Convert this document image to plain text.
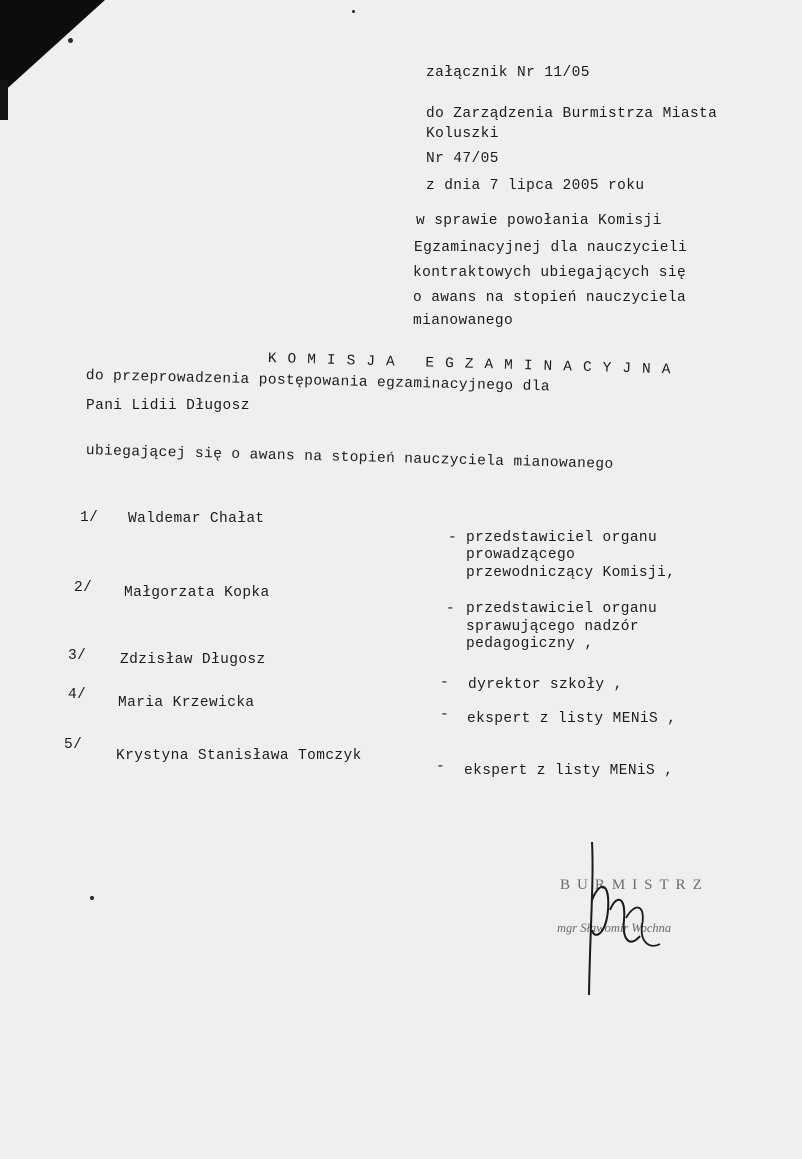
załącznik Nr 11/05
do Zarządzenia Burmistrza Miasta
Koluszki
Nr 47/05
z dnia 7 lipca 2005 roku
w sprawie powołania Komisji
Egzaminacyjnej dla nauczycieli
kontraktowych ubiegających się
o awans na stopień nauczyciela
mianowanego
KOMISJA EGZAMINACYJNA
do przeprowadzenia postępowania egzaminacyjnego dla
Pani Lidii Długosz
ubiegającej się o awans na stopień nauczyciela mianowanego
1/ Waldemar Chałat
- przedstawiciel organu
prowadzącego
przewodniczący Komisji,
2/ Małgorzata Kopka
- przedstawiciel organu
sprawującego nadzór
pedagogiczny ,
3/ Zdzisław Długosz
- dyrektor szkoły ,
4/ Maria Krzewicka
- ekspert z listy MENiS ,
5/
Krystyna Stanisława Tomczyk
- ekspert z listy MENiS ,
BURMISTRZ
mgr Sławomir Wochna
